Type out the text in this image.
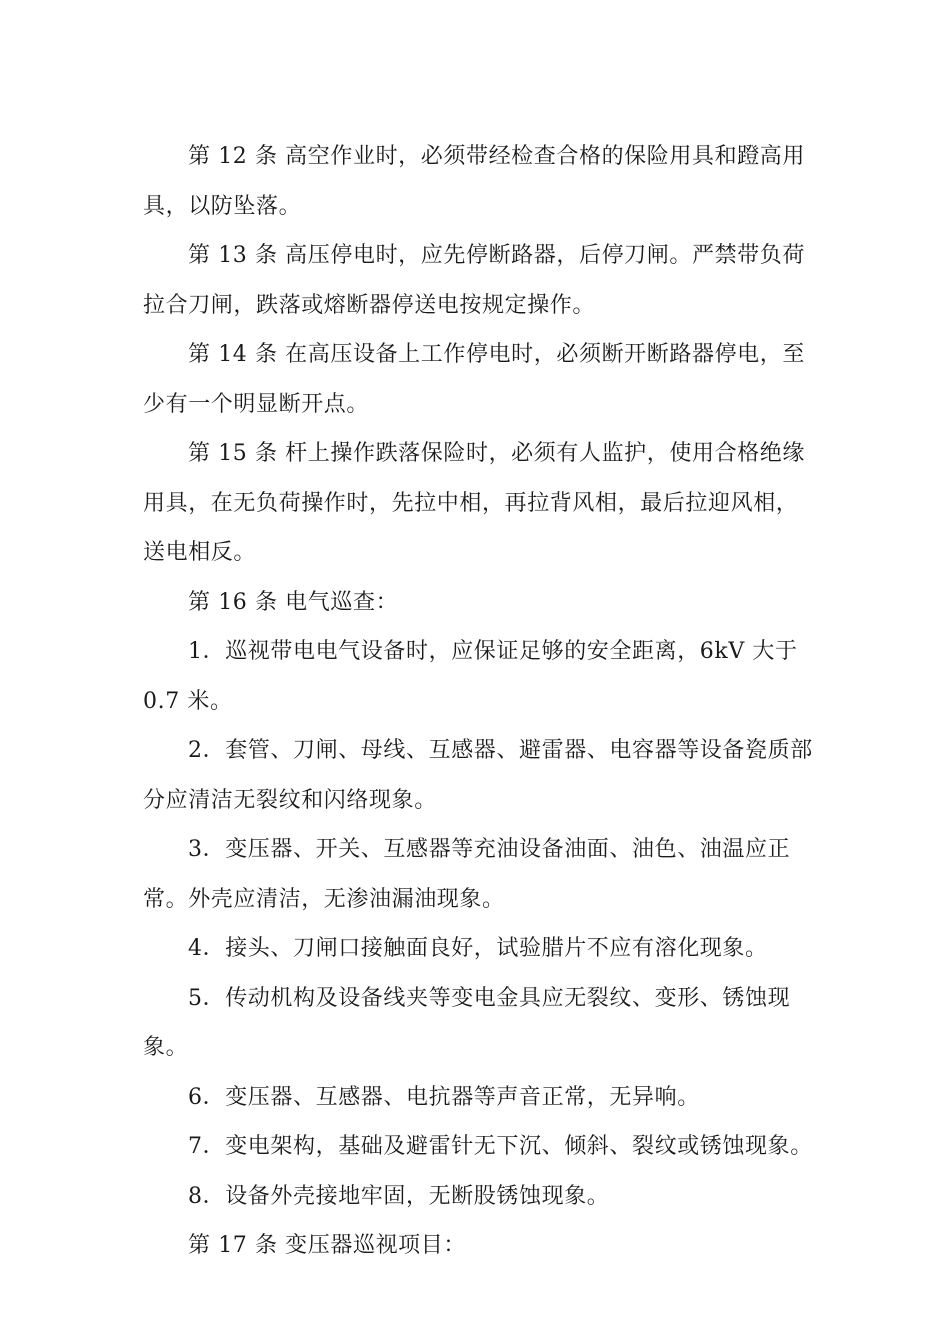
第 12 条 高空作业时，必须带经检查合格的保险用具和蹬高用具，以防坠落。

第 13 条 高压停电时，应先停断路器，后停刀闸。严禁带负荷拉合刀闸，跌落或熔断器停送电按规定操作。

第 14 条 在高压设备上工作停电时，必须断开断路器停电，至少有一个明显断开点。

第 15 条 杆上操作跌落保险时，必须有人监护，使用合格绝缘用具，在无负荷操作时，先拉中相，再拉背风相，最后拉迎风相，送电相反。

第 16 条 电气巡查：

1．巡视带电电气设备时，应保证足够的安全距离，6kV 大于 0.7 米。

2．套管、刀闸、母线、互感器、避雷器、电容器等设备瓷质部分应清洁无裂纹和闪络现象。

3．变压器、开关、互感器等充油设备油面、油色、油温应正常。外壳应清洁，无渗油漏油现象。

4．接头、刀闸口接触面良好，试验腊片不应有溶化现象。

5．传动机构及设备线夹等变电金具应无裂纹、变形、锈蚀现象。

6．变压器、互感器、电抗器等声音正常，无异响。

7．变电架构，基础及避雷针无下沉、倾斜、裂纹或锈蚀现象。

8．设备外壳接地牢固，无断股锈蚀现象。

第 17 条 变压器巡视项目：
